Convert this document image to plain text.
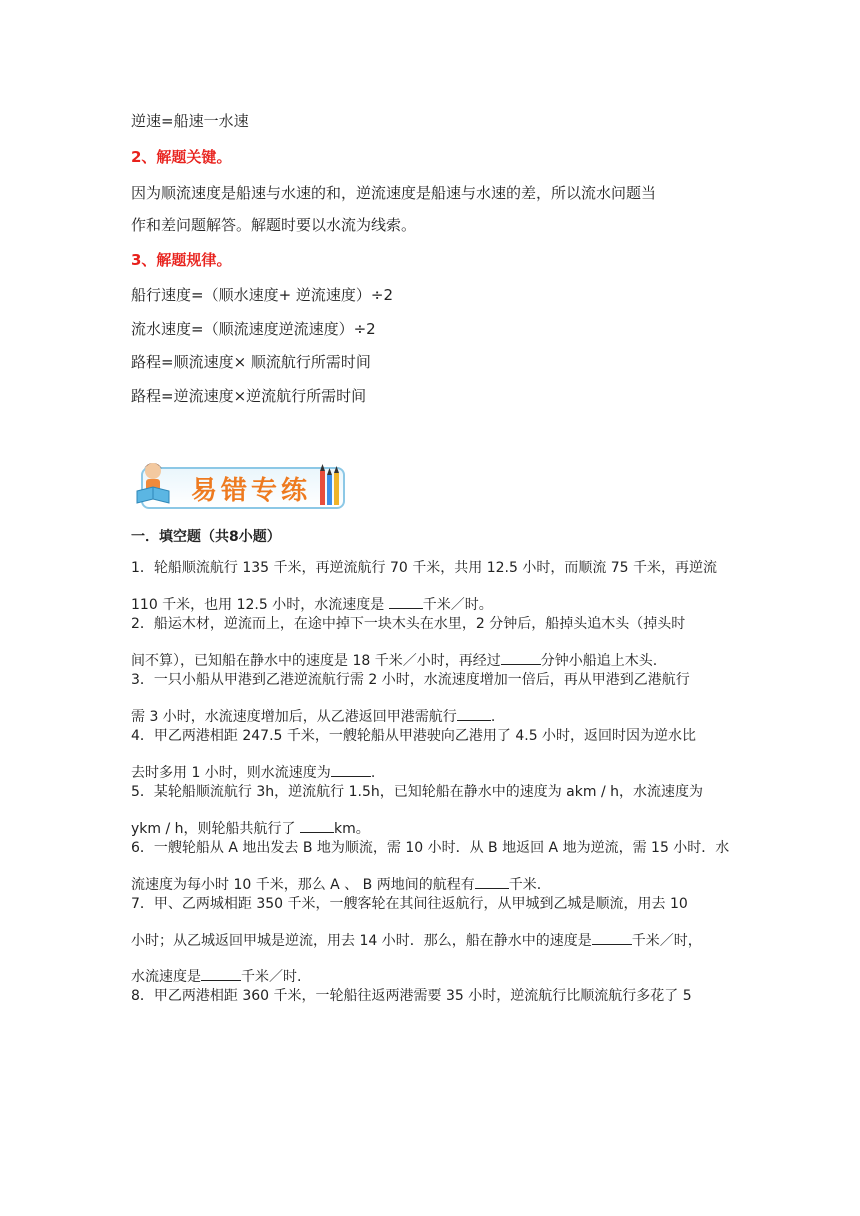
逆速=船速一水速
2、解题关键。
因为顺流速度是船速与水速的和，逆流速度是船速与水速的差，所以流水问题当
作和差问题解答。解题时要以水流为线索。
3、解题规律。
船行速度=（顺水速度+ 逆流速度）÷2
流水速度=（顺流速度逆流速度）÷2
路程=顺流速度× 顺流航行所需时间
路程=逆流速度×逆流航行所需时间
易错专练
一．填空题（共8小题）

1．轮船顺流航行 135 千米，再逆流航行 70 千米，共用 12.5 小时，而顺流 75 千米，再逆流
110 千米，也用 12.5 小时，水流速度是 千米／时。

2．船运木材，逆流而上，在途中掉下一块木头在水里，2 分钟后，船掉头追木头（掉头时
间不算），已知船在静水中的速度是 18 千米／小时，再经过	分钟小船追上木头.

3．一只小船从甲港到乙港逆流航行需 2 小时，水流速度增加一倍后，再从甲港到乙港航行
需 3 小时，水流速度增加后，从乙港返回甲港需航行 .

4．甲乙两港相距 247.5 千米，一艘轮船从甲港驶向乙港用了 4.5 小时，返回时因为逆水比
去时多用 1 小时，则水流速度为	.

5．某轮船顺流航行 3h，逆流航行 1.5h，已知轮船在静水中的速度为 akm / h，水流速度为
ykm / h，则轮船共航行了 km。

6．一艘轮船从 A 地出发去 B 地为顺流，需 10 小时．从 B 地返回 A 地为逆流，需 15 小时．水
流速度为每小时 10 千米，那么 A 、 B 两地间的航程有 千米.

7．甲、乙两城相距 350 千米，一艘客轮在其间往返航行，从甲城到乙城是顺流，用去 10
小时；从乙城返回甲城是逆流，用去 14 小时．那么，船在静水中的速度是	千米／时，
水流速度是	千米／时.

8．甲乙两港相距 360 千米，一轮船往返两港需要 35 小时，逆流航行比顺流航行多花了 5
